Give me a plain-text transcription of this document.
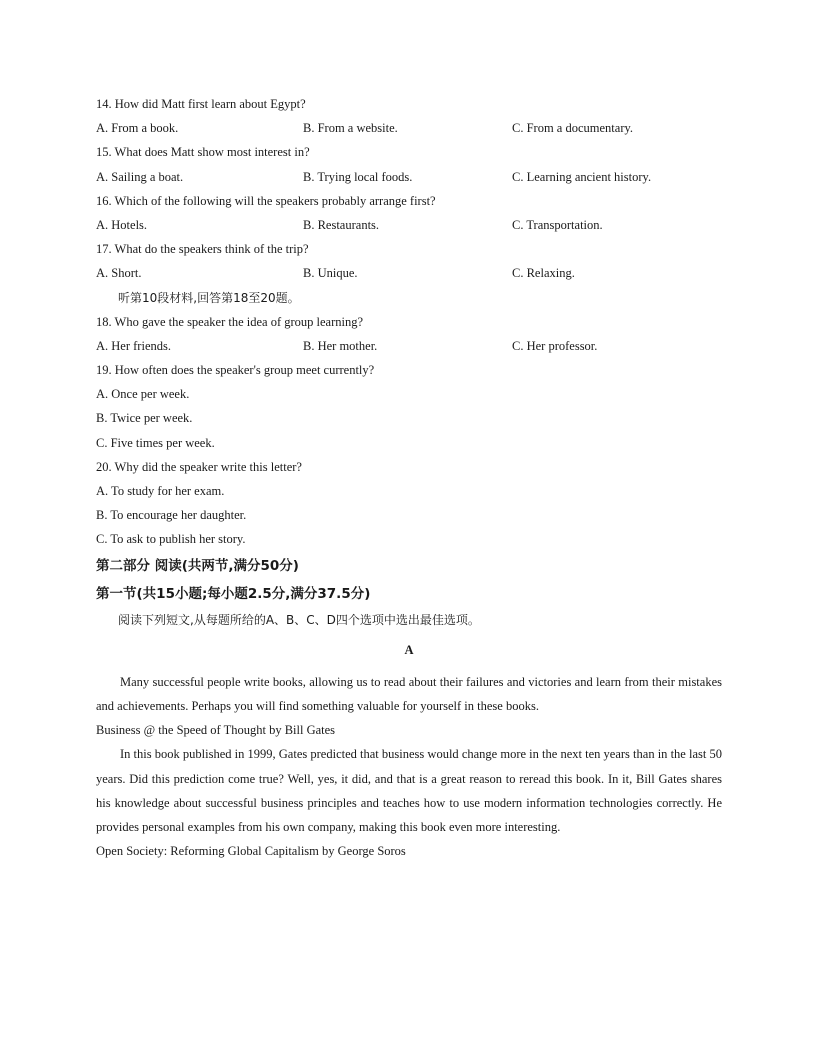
14. How did Matt first learn about Egypt?
A. From a book.	B. From a website.	C. From a documentary.
15. What does Matt show most interest in?
A. Sailing a boat.	B. Trying local foods.	C. Learning ancient history.
16. Which of the following will the speakers probably arrange first?
A. Hotels.	B. Restaurants.	C. Transportation.
17. What do the speakers think of the trip?
A. Short.	B. Unique.	C. Relaxing.
听第10段材料,回答第18至20题。
18. Who gave the speaker the idea of group learning?
A. Her friends.	B. Her mother.	C. Her professor.
19. How often does the speaker's group meet currently?
A. Once per week.
B. Twice per week.
C. Five times per week.
20. Why did the speaker write this letter?
A. To study for her exam.
B. To encourage her daughter.
C. To ask to publish her story.
第二部分 阅读(共两节,满分50分)
第一节(共15小题;每小题2.5分,满分37.5分)
阅读下列短文,从每题所给的A、B、C、D四个选项中选出最佳选项。
A
Many successful people write books, allowing us to read about their failures and victories and learn from their mistakes and achievements. Perhaps you will find something valuable for yourself in these books.
Business @ the Speed of Thought by Bill Gates
In this book published in 1999, Gates predicted that business would change more in the next ten years than in the last 50 years. Did this prediction come true? Well, yes, it did, and that is a great reason to reread this book. In it, Bill Gates shares his knowledge about successful business principles and teaches how to use modern information technologies correctly. He provides personal examples from his own company, making this book even more interesting.
Open Society: Reforming Global Capitalism by George Soros
